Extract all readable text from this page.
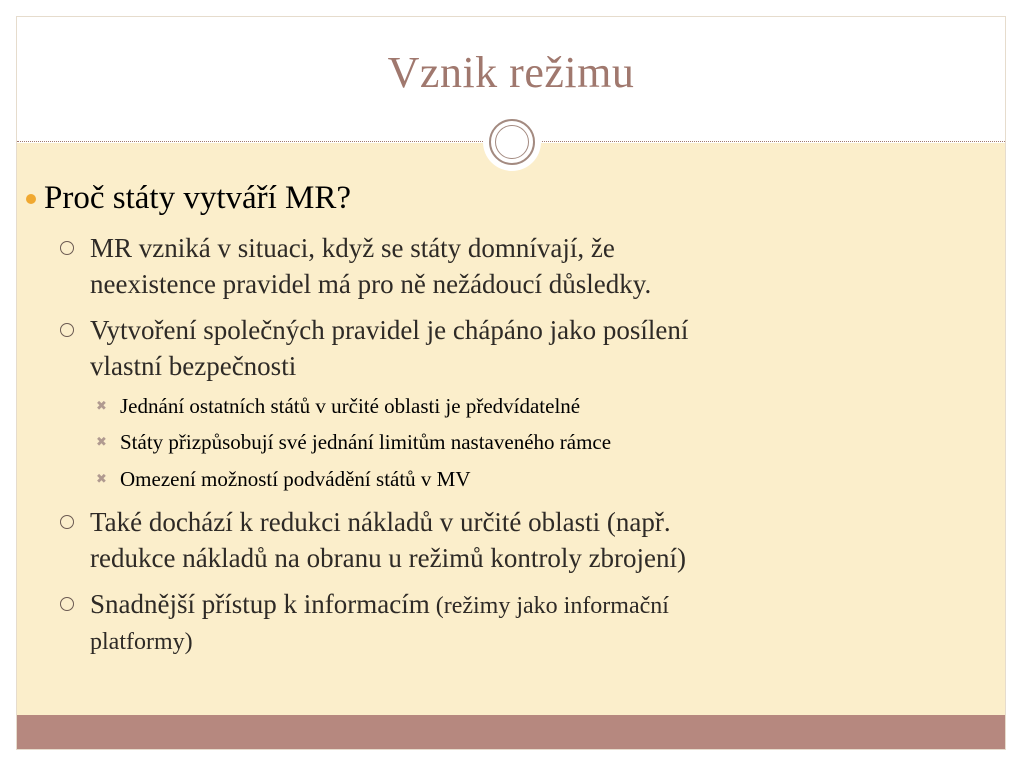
Vznik režimu
Proč státy vytváří MR?
MR vzniká v situaci, když se státy domnívají, že
neexistence pravidel má pro ně nežádoucí důsledky.
Vytvoření společných pravidel je chápáno jako posílení
vlastní bezpečnosti
✖ Jednání ostatních států v určité oblasti je předvídatelné
✖ Státy přizpůsobují své jednání limitům nastaveného rámce
✖ Omezení možností podvádění států v MV
Také dochází k redukci nákladů v určité oblasti (např.
redukce nákladů na obranu u režimů kontroly zbrojení)
Snadnější přístup k informacím (režimy jako informační
platformy)
